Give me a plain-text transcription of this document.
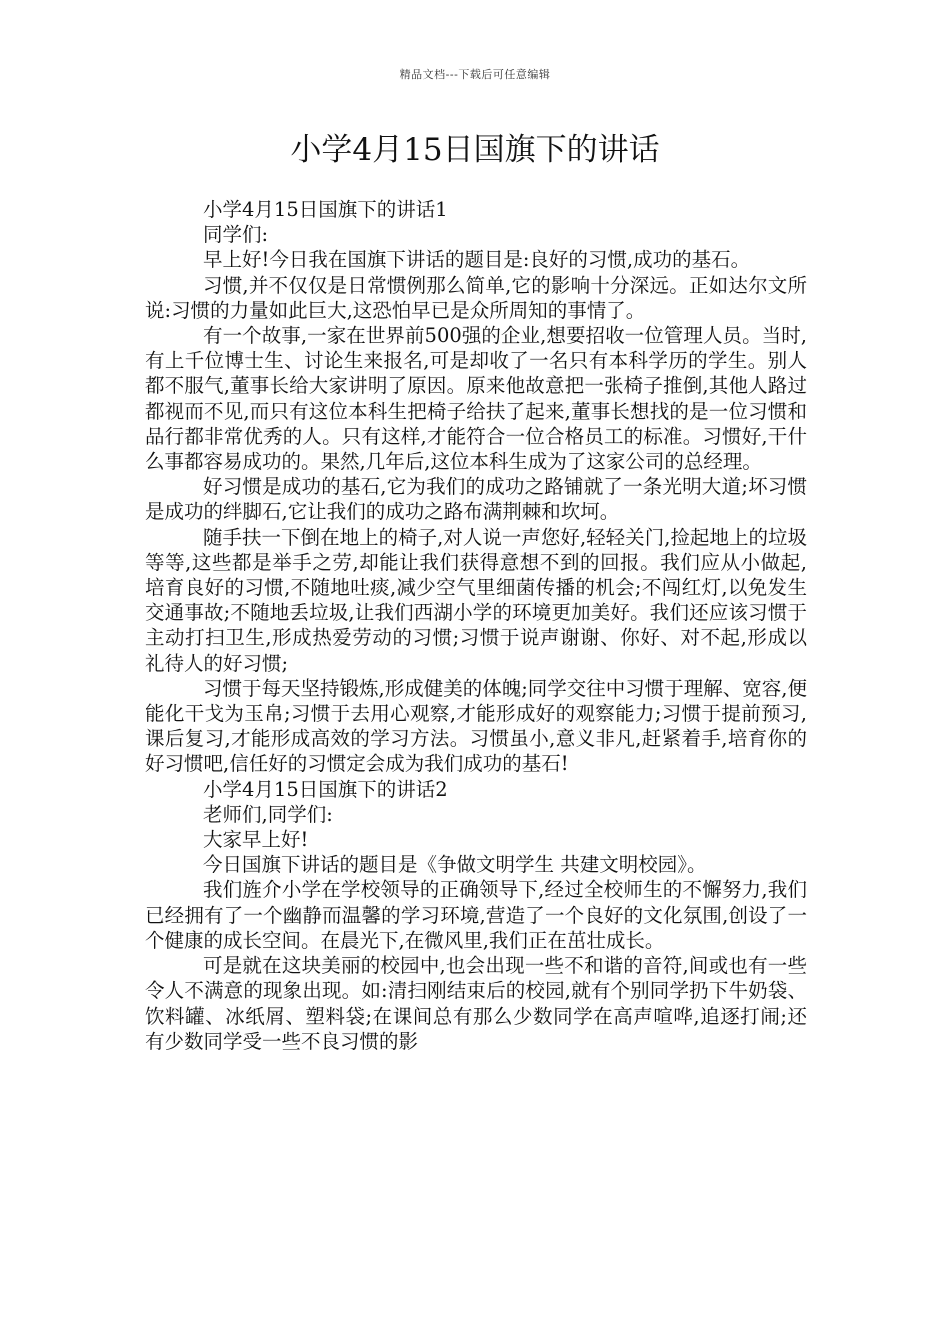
精品文档---下载后可任意编辑
小学4月15日国旗下的讲话

小学4月15日国旗下的讲话1

同学们:

早上好!今日我在国旗下讲话的题目是:良好的习惯,成功的基石。

习惯,并不仅仅是日常惯例那么简单,它的影响十分深远。正如达尔文所说:习惯的力量如此巨大,这恐怕早已是众所周知的事情了。

有一个故事,一家在世界前500强的企业,想要招收一位管理人员。当时,有上千位博士生、讨论生来报名,可是却收了一名只有本科学历的学生。别人都不服气,董事长给大家讲明了原因。原来他故意把一张椅子推倒,其他人路过都视而不见,而只有这位本科生把椅子给扶了起来,董事长想找的是一位习惯和品行都非常优秀的人。只有这样,才能符合一位合格员工的标准。习惯好,干什么事都容易成功的。果然,几年后,这位本科生成为了这家公司的总经理。

好习惯是成功的基石,它为我们的成功之路铺就了一条光明大道;坏习惯是成功的绊脚石,它让我们的成功之路布满荆棘和坎坷。

随手扶一下倒在地上的椅子,对人说一声您好,轻轻关门,捡起地上的垃圾等等,这些都是举手之劳,却能让我们获得意想不到的回报。我们应从小做起,培育良好的习惯,不随地吐痰,减少空气里细菌传播的机会;不闯红灯,以免发生交通事故;不随地丢垃圾,让我们西湖小学的环境更加美好。我们还应该习惯于主动打扫卫生,形成热爱劳动的习惯;习惯于说声谢谢、你好、对不起,形成以礼待人的好习惯;

习惯于每天坚持锻炼,形成健美的体魄;同学交往中习惯于理解、宽容,便能化干戈为玉帛;习惯于去用心观察,才能形成好的观察能力;习惯于提前预习,课后复习,才能形成高效的学习方法。习惯虽小,意义非凡,赶紧着手,培育你的好习惯吧,信任好的习惯定会成为我们成功的基石!

小学4月15日国旗下的讲话2

老师们,同学们:

大家早上好!

今日国旗下讲话的题目是《争做文明学生 共建文明校园》。

我们旌介小学在学校领导的正确领导下,经过全校师生的不懈努力,我们已经拥有了一个幽静而温馨的学习环境,营造了一个良好的文化氛围,创设了一个健康的成长空间。在晨光下,在微风里,我们正在茁壮成长。

可是就在这块美丽的校园中,也会出现一些不和谐的音符,间或也有一些令人不满意的现象出现。如:清扫刚结束后的校园,就有个别同学扔下牛奶袋、饮料罐、冰纸屑、塑料袋;在课间总有那么少数同学在高声喧哗,追逐打闹;还有少数同学受一些不良习惯的影
